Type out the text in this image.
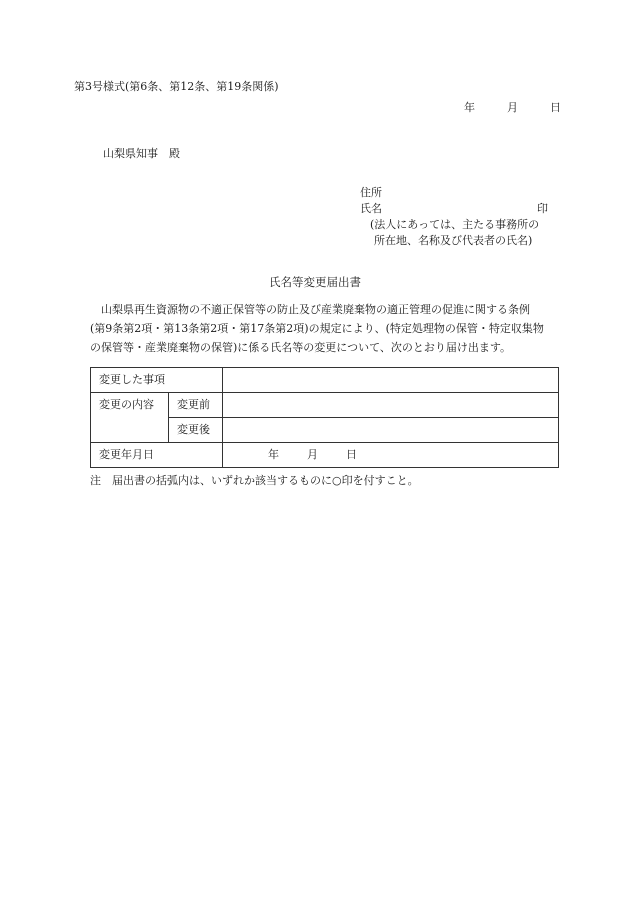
第3号様式(第6条、第12条、第19条関係)
年	月	日
山梨県知事　殿
住所
氏名	印
(法人にあっては、主たる事務所の
所在地、名称及び代表者の氏名)
氏名等変更届出書

山梨県再生資源物の不適正保管等の防止及び産業廃棄物の適正管理の促進に関する条例

(第9条第2項・第13条第2項・第17条第2項)の規定により、(特定処理物の保管・特定収集物

の保管等・産業廃棄物の保管)に係る氏名等の変更について、次のとおり届け出ます。

変更した事項		
変更の内容	変更前	
	変更後	
変更年月日		年 月 日
注　届出書の括弧内は、いずれか該当するものに○印を付すこと。
